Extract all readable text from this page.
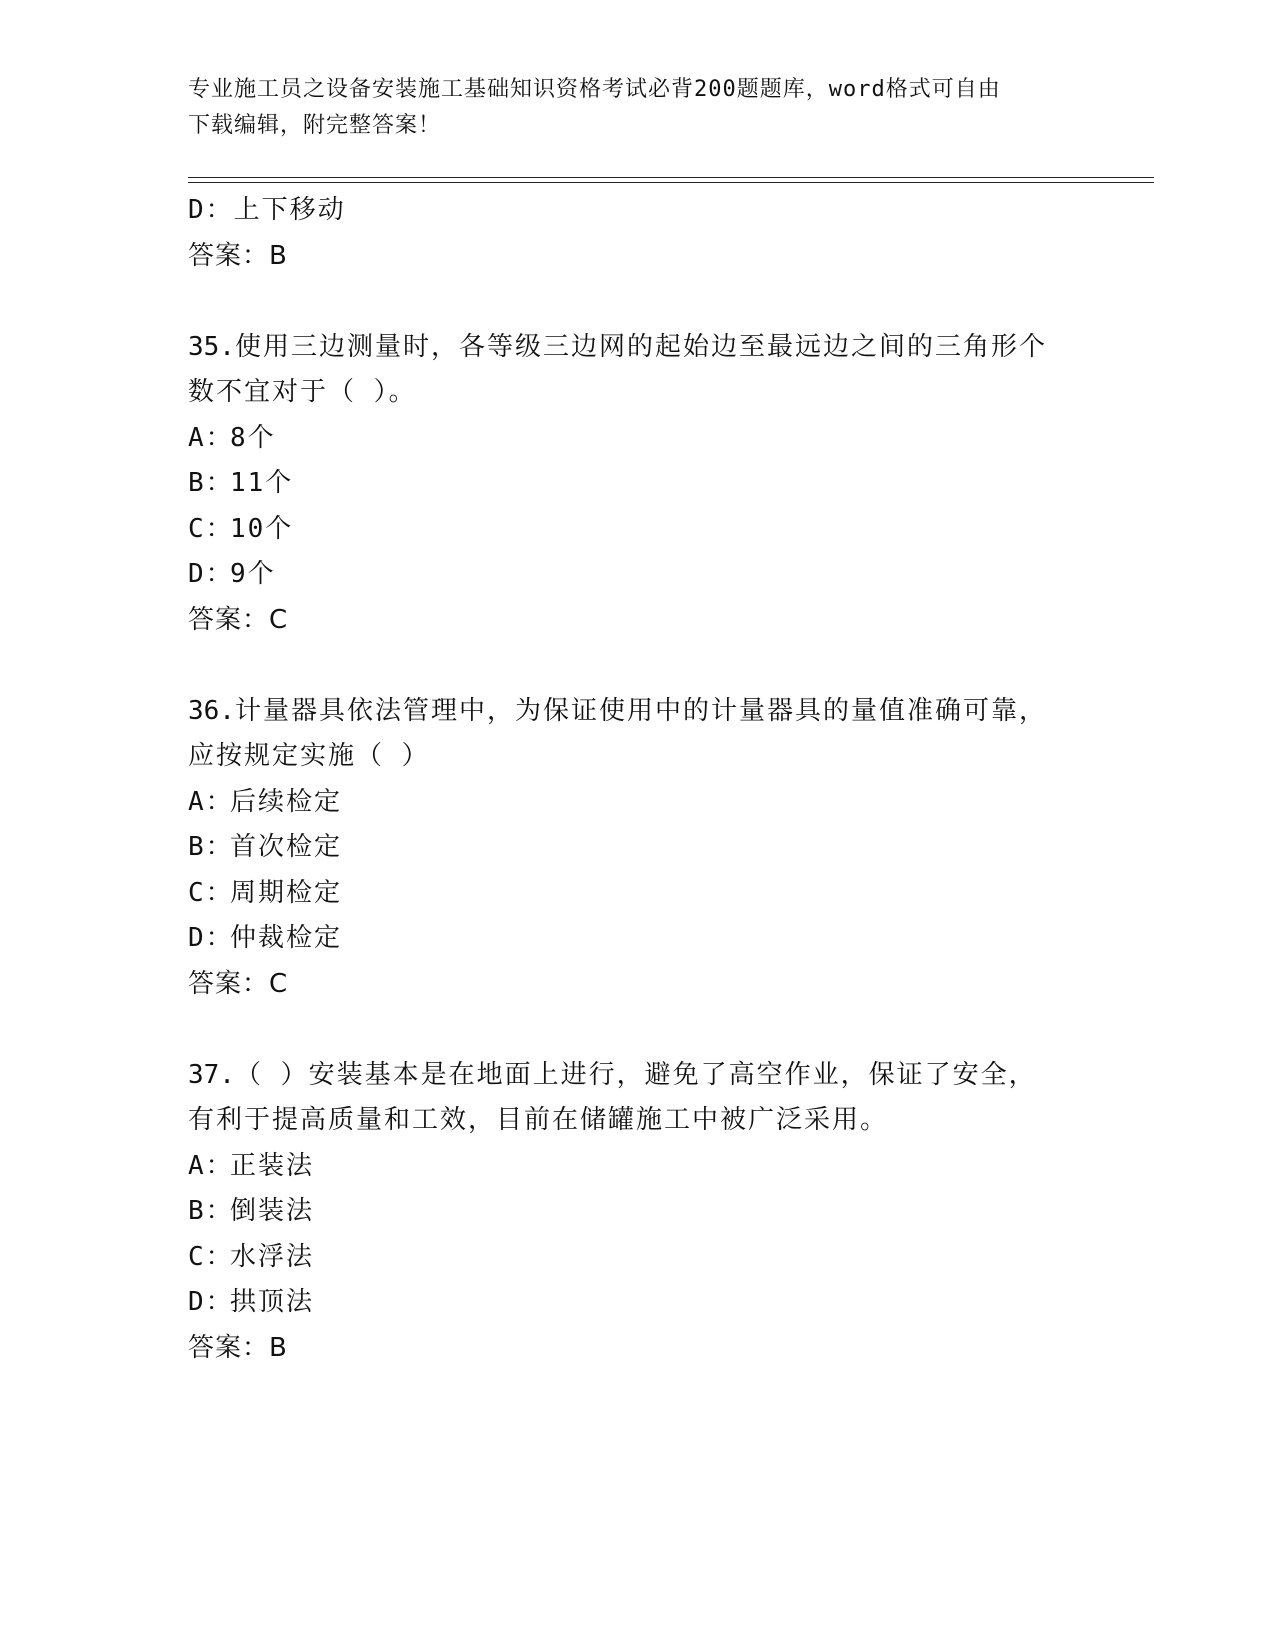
专业施工员之设备安装施工基础知识资格考试必背200题题库，word格式可自由
下载编辑，附完整答案！
D：上下移动
答案：B
35.使用三边测量时，各等级三边网的起始边至最远边之间的三角形个
数不宜对于（ ）。
A：8个
B：11个
C：10个
D：9个
答案：C
36.计量器具依法管理中，为保证使用中的计量器具的量值准确可靠，
应按规定实施（ ）
A：后续检定
B：首次检定
C：周期检定
D：仲裁检定
答案：C
37.（ ）安装基本是在地面上进行，避免了高空作业，保证了安全，
有利于提高质量和工效，目前在储罐施工中被广泛采用。
A：正装法
B：倒装法
C：水浮法
D：拱顶法
答案：B
